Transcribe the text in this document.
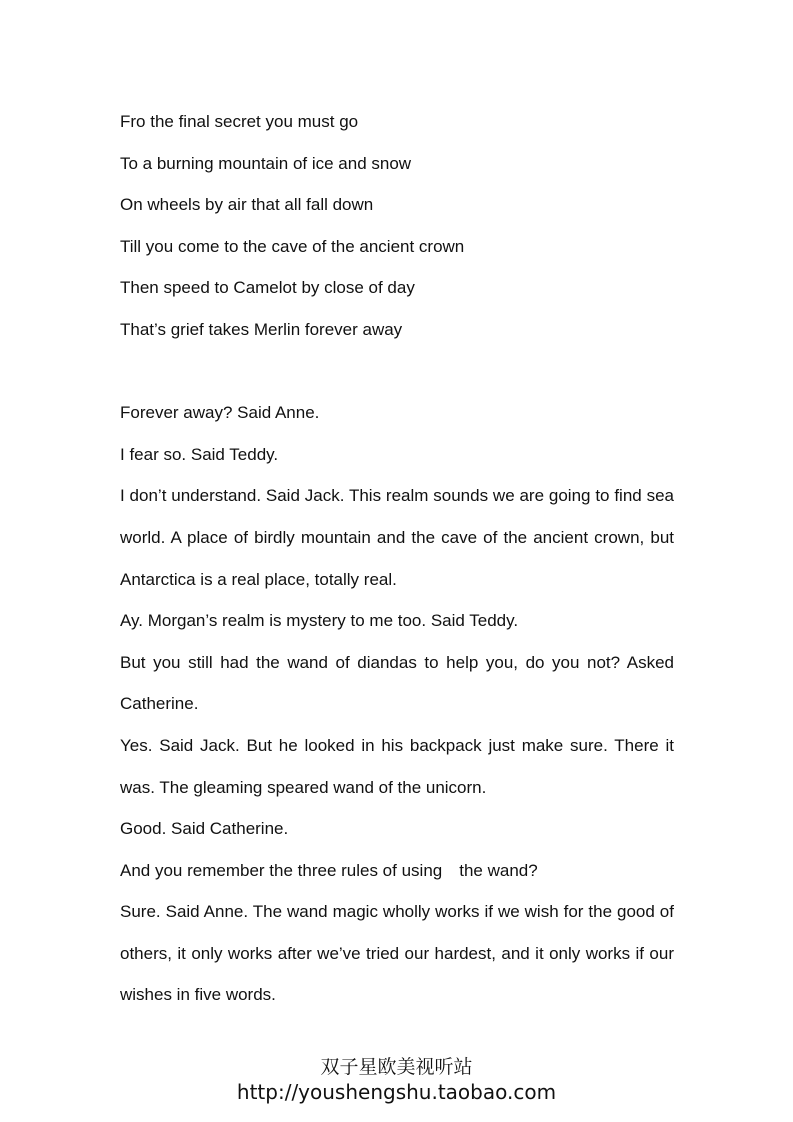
Fro the final secret you must go
To a burning mountain of ice and snow
On wheels by air that all fall down
Till you come to the cave of the ancient crown
Then speed to Camelot by close of day
That’s grief takes Merlin forever away
Forever away? Said Anne.
I fear so. Said Teddy.
I don’t understand. Said Jack. This realm sounds we are going to find sea world. A place of birdly mountain and the cave of the ancient crown, but Antarctica is a real place, totally real.
Ay. Morgan’s realm is mystery to me too. Said Teddy.
But you still had the wand of diandas to help you, do you not? Asked Catherine.
Yes. Said Jack. But he looked in his backpack just make sure. There it was. The gleaming speared wand of the unicorn.
Good. Said Catherine.
And you remember the three rules of using　the wand?
Sure. Said Anne. The wand magic wholly works if we wish for the good of others, it only works after we’ve tried our hardest, and it only works if our wishes in five words.
双子星欧美视听站
http://youshengshu.taobao.com
